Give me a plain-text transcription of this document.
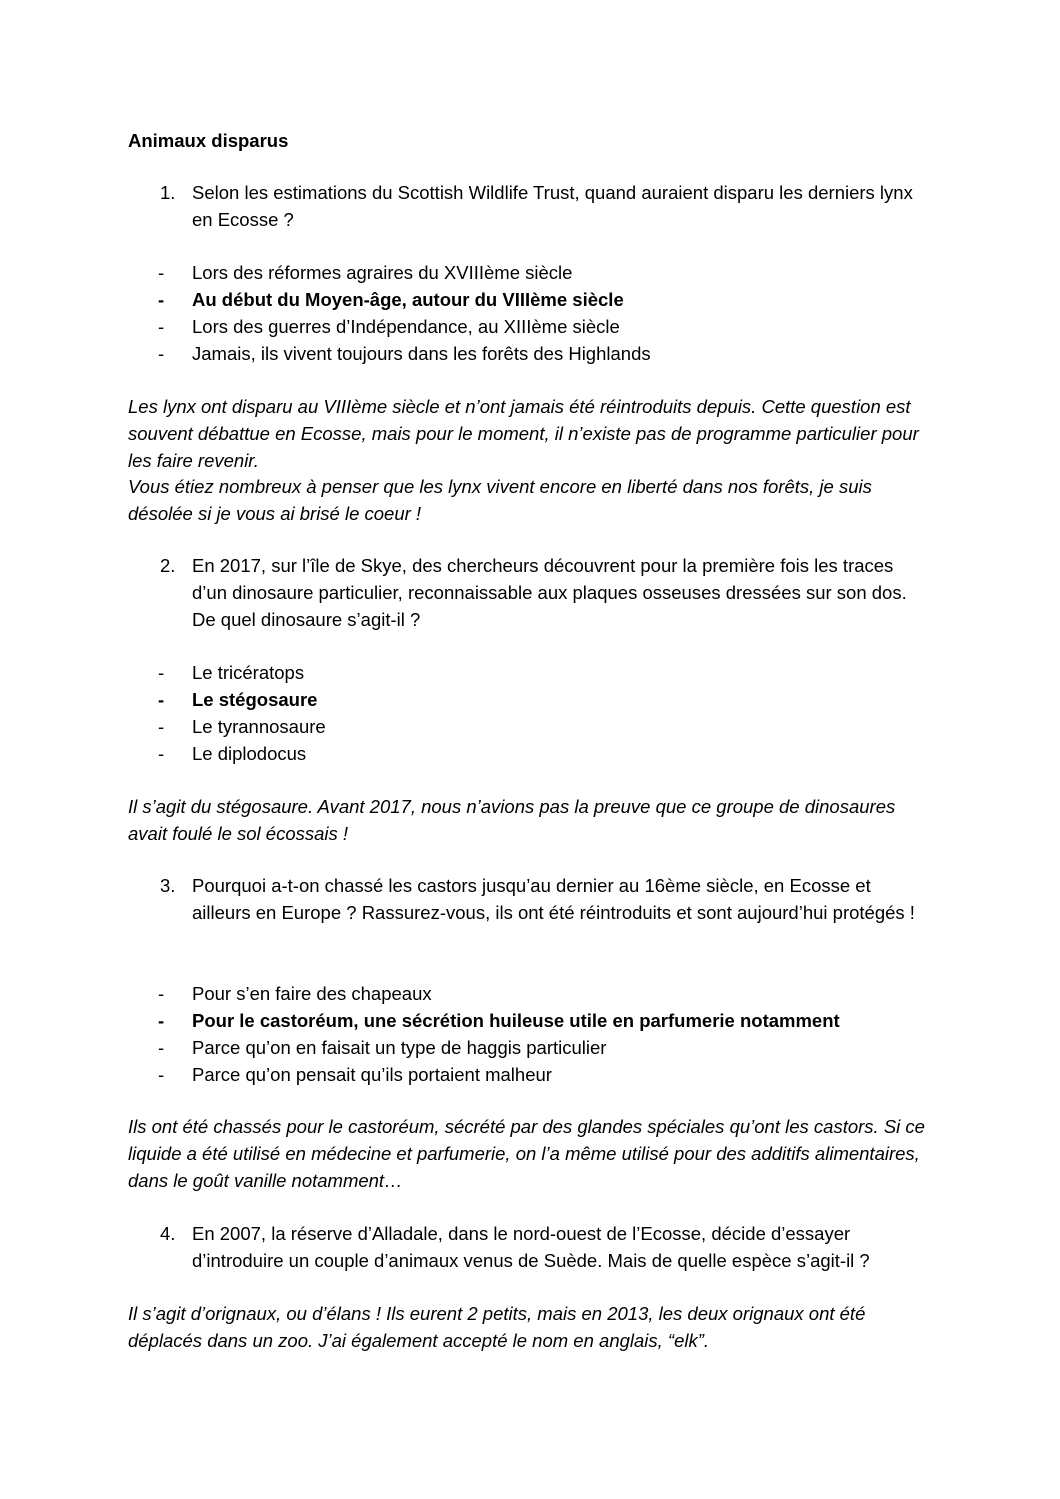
Animaux disparus
1. Selon les estimations du Scottish Wildlife Trust, quand auraient disparu les derniers lynx en Ecosse ?
- Lors des réformes agraires du XVIIIème siècle
- Au début du Moyen-âge, autour du VIIIème siècle
- Lors des guerres d’Indépendance, au XIIIème siècle
- Jamais, ils vivent toujours dans les forêts des Highlands

Les lynx ont disparu au VIIIème siècle et n’ont jamais été réintroduits depuis. Cette question est souvent débattue en Ecosse, mais pour le moment, il n’existe pas de programme particulier pour les faire revenir.

Vous étiez nombreux à penser que les lynx vivent encore en liberté dans nos forêts, je suis désolée si je vous ai brisé le coeur !

2. En 2017, sur l’île de Skye, des chercheurs découvrent pour la première fois les traces d’un dinosaure particulier, reconnaissable aux plaques osseuses dressées sur son dos. De quel dinosaure s’agit-il ?
- Le tricératops
- Le stégosaure
- Le tyrannosaure
- Le diplodocus

Il s’agit du stégosaure. Avant 2017, nous n’avions pas la preuve que ce groupe de dinosaures avait foulé le sol écossais !

3. Pourquoi a-t-on chassé les castors jusqu’au dernier au 16ème siècle, en Ecosse et ailleurs en Europe ? Rassurez-vous, ils ont été réintroduits et sont aujourd’hui protégés !
- Pour s’en faire des chapeaux
- Pour le castoréum, une sécrétion huileuse utile en parfumerie notamment
- Parce qu’on en faisait un type de haggis particulier
- Parce qu’on pensait qu’ils portaient malheur

Ils ont été chassés pour le castoréum, sécrété par des glandes spéciales qu’ont les castors. Si ce liquide a été utilisé en médecine et parfumerie, on l’a même utilisé pour des additifs alimentaires, dans le goût vanille notamment…

4. En 2007, la réserve d’Alladale, dans le nord-ouest de l’Ecosse, décide d’essayer d’introduire un couple d’animaux venus de Suède. Mais de quelle espèce s’agit-il ?

Il s’agit d’orignaux, ou d’élans ! Ils eurent 2 petits, mais en 2013, les deux orignaux ont été déplacés dans un zoo. J’ai également accepté le nom en anglais, “elk”.
